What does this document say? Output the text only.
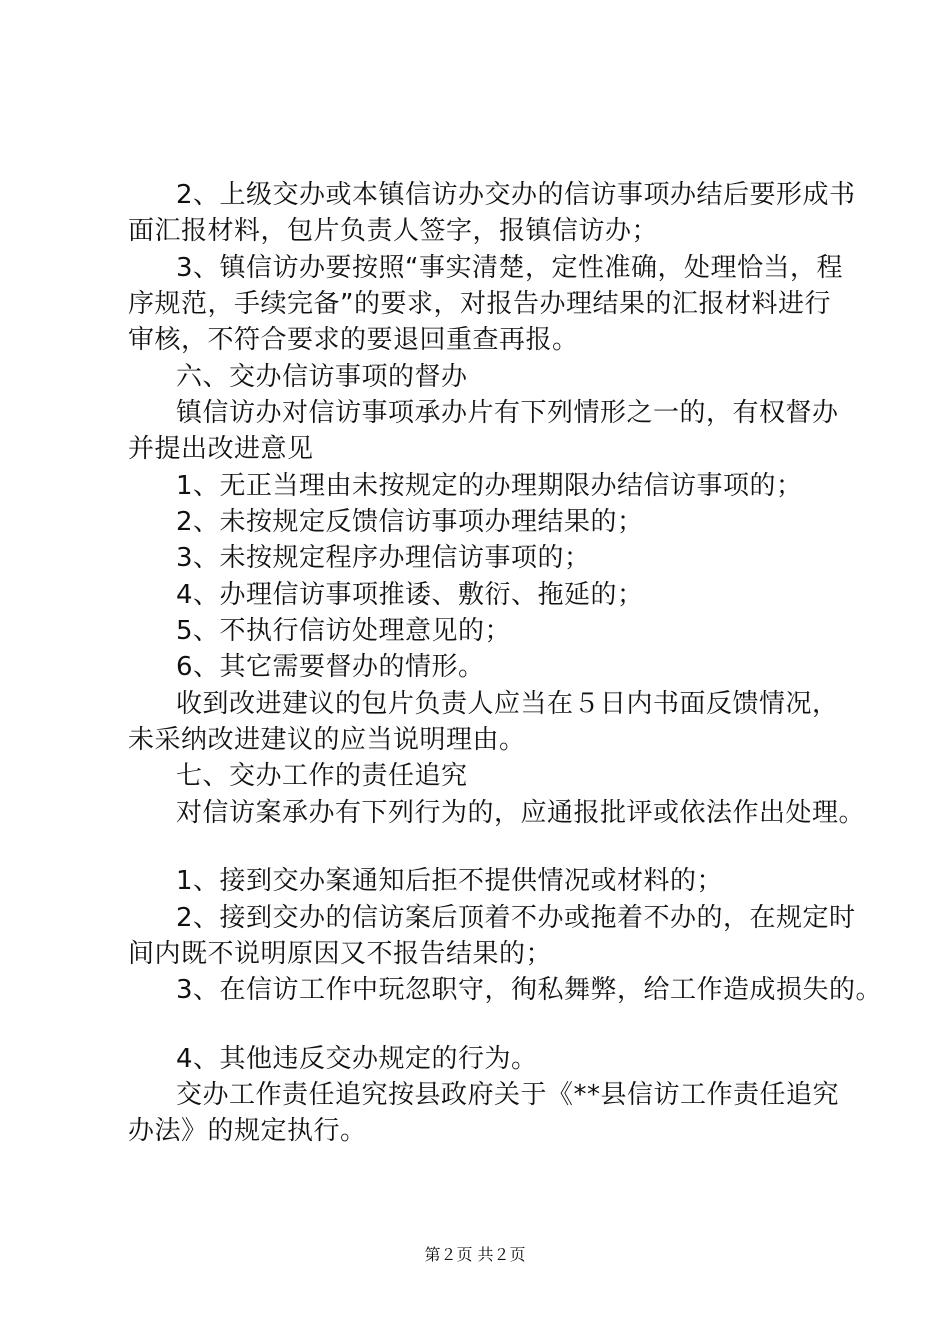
2、上级交办或本镇信访办交办的信访事项办结后要形成书
面汇报材料，包片负责人签字，报镇信访办；
3、镇信访办要按照“事实清楚，定性准确，处理恰当，程
序规范，手续完备”的要求，对报告办理结果的汇报材料进行
审核，不符合要求的要退回重查再报。
六、交办信访事项的督办
镇信访办对信访事项承办片有下列情形之一的，有权督办
并提出改进意见
1、无正当理由未按规定的办理期限办结信访事项的；
2、未按规定反馈信访事项办理结果的；
3、未按规定程序办理信访事项的；
4、办理信访事项推诿、敷衍、拖延的；
5、不执行信访处理意见的；
6、其它需要督办的情形。
收到改进建议的包片负责人应当在５日内书面反馈情况，
未采纳改进建议的应当说明理由。
七、交办工作的责任追究
对信访案承办有下列行为的，应通报批评或依法作出处理。
1、接到交办案通知后拒不提供情况或材料的；
2、接到交办的信访案后顶着不办或拖着不办的，在规定时
间内既不说明原因又不报告结果的；
3、在信访工作中玩忽职守，徇私舞弊，给工作造成损失的。
4、其他违反交办规定的行为。
交办工作责任追究按县政府关于《**县信访工作责任追究
办法》的规定执行。
第２页 共２页
